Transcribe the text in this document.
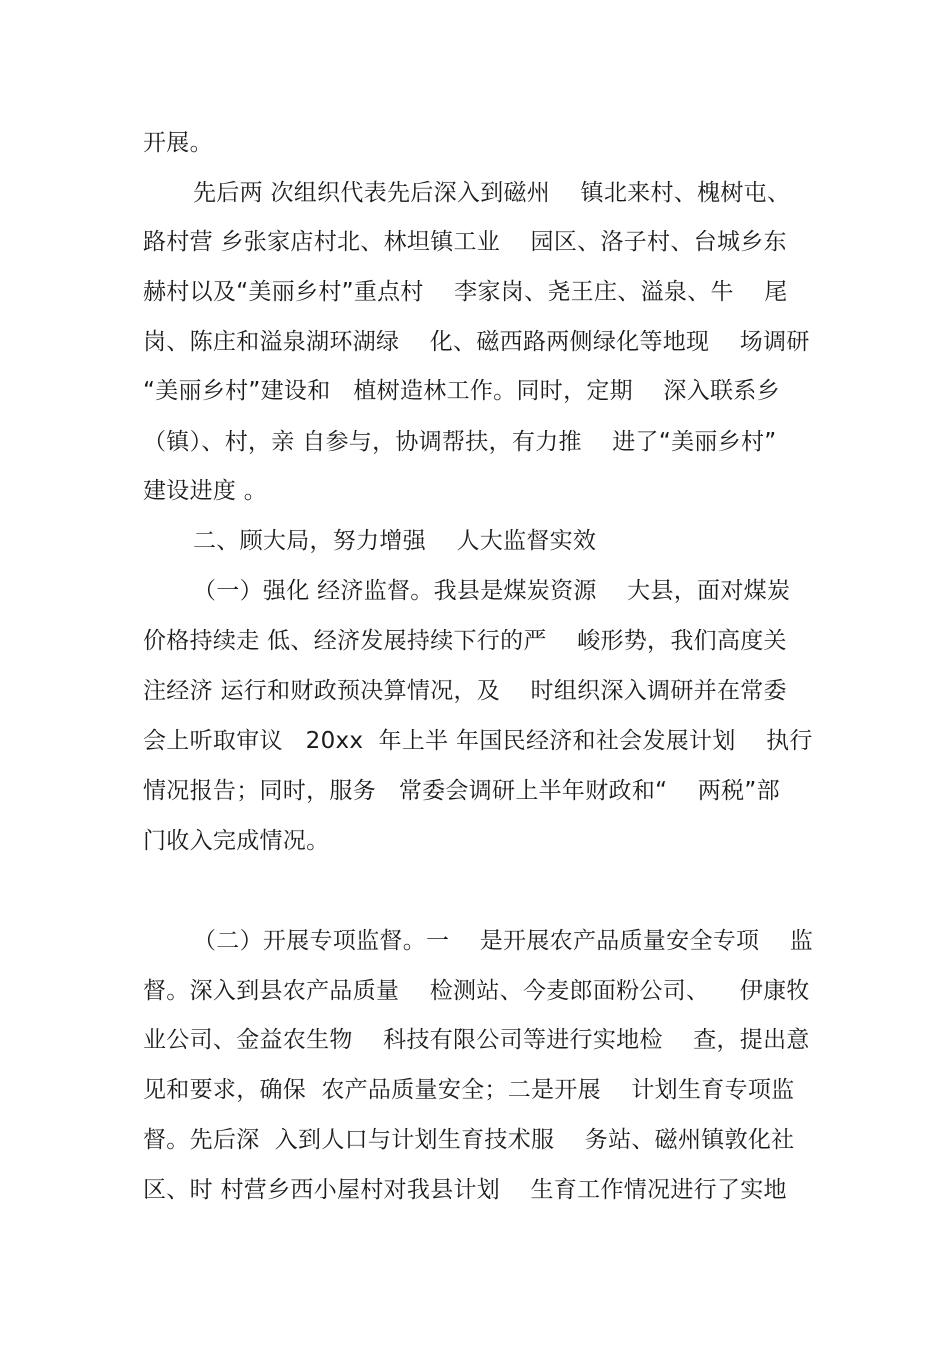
开展。
先后两 次组织代表先后深入到磁州    镇北来村、槐树屯、
路村营 乡张家店村北、林坦镇工业    园区、洛子村、台城乡东
赫村以及“美丽乡村”重点村    李家岗、尧王庄、溢泉、牛    尾
岗、陈庄和溢泉湖环湖绿    化、磁西路两侧绿化等地现    场调研
“美丽乡村”建设和   植树造林工作。同时，定期    深入联系乡
（镇）、村，亲 自参与，协调帮扶，有力推    进了“美丽乡村”
建设进度 。
二、顾大局，努力增强    人大监督实效
（一）强化 经济监督。我县是煤炭资源    大县，面对煤炭
价格持续走 低、经济发展持续下行的严    峻形势，我们高度关
注经济 运行和财政预决算情况，及    时组织深入调研并在常委
会上听取审议   20xx  年上半 年国民经济和社会发展计划    执行
情况报告；同时，服务   常委会调研上半年财政和“    两税”部
门收入完成情况。
（二）开展专项监督。一    是开展农产品质量安全专项    监
督。深入到县农产品质量    检测站、今麦郎面粉公司、    伊康牧
业公司、金益农生物    科技有限公司等进行实地检    查，提出意
见和要求，确保  农产品质量安全；二是开展    计划生育专项监
督。先后深  入到人口与计划生育技术服    务站、磁州镇敦化社
区、时 村营乡西小屋村对我县计划    生育工作情况进行了实地
